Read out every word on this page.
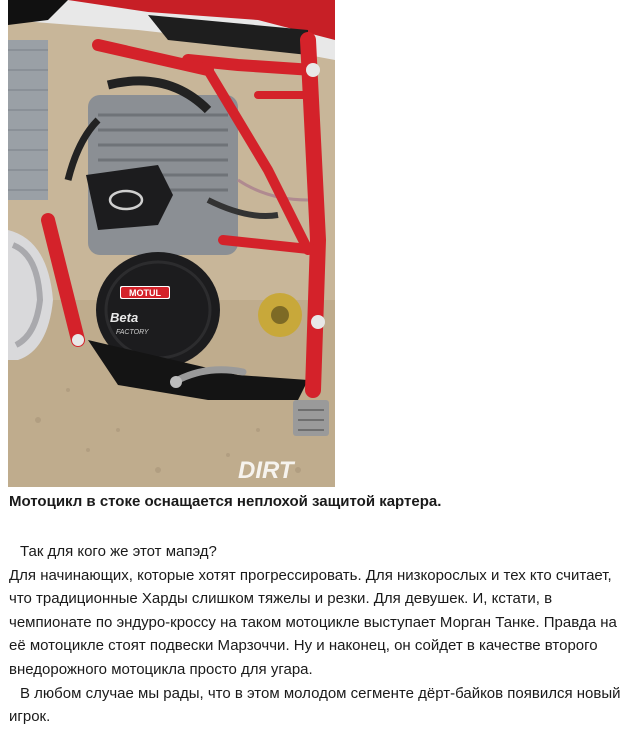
MOTUL
Beta
FACTORY
DIRT
Мотоцикл в стоке оснащается неплохой защитой картера.

Так для кого же этот мапэд?

Для начинающих, которые хотят прогрессировать. Для низкорослых и тех кто считает, что традиционные Харды слишком тяжелы и резки. Для девушек. И, кстати, в чемпионате по эндуро-кроссу на таком мотоцикле выступает Морган Танке. Правда на её мотоцикле стоят подвески Марзоччи. Ну и наконец, он сойдет в качестве второго внедорожного мотоцикла просто для угара.

В любом случае мы рады, что в этом молодом сегменте дёрт-байков появился новый игрок.
